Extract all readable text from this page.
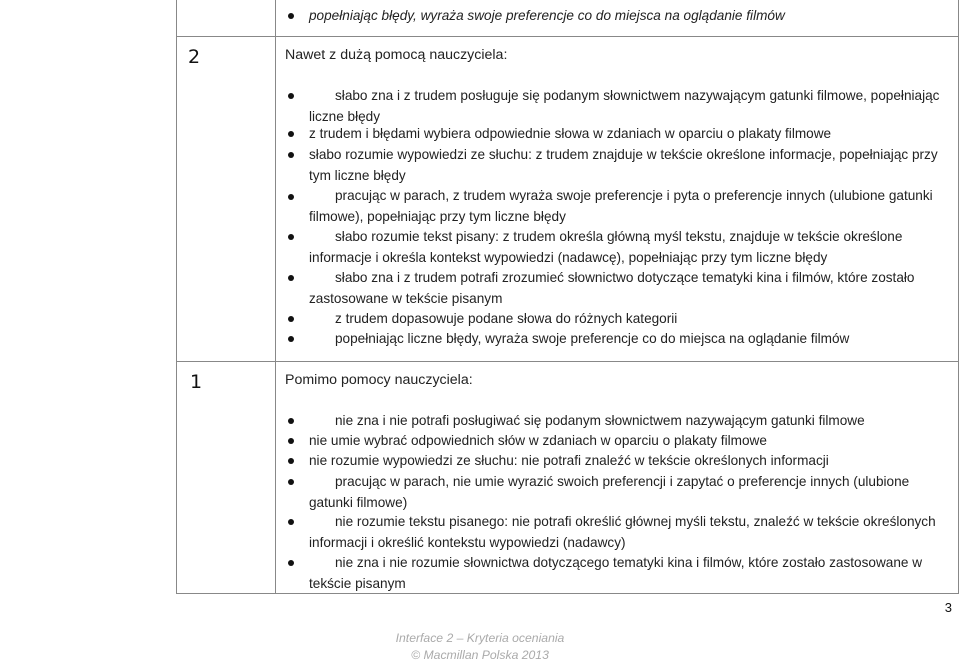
popełniając błędy, wyraża swoje preferencje co do miejsca na oglądanie filmów
2	Nawet z dużą pomocą nauczyciela:
słabo zna i z trudem posługuje się podanym słownictwem nazywającym gatunki filmowe, popełniając liczne błędy
z trudem i błędami wybiera odpowiednie słowa w zdaniach w oparciu o plakaty filmowe
słabo rozumie wypowiedzi ze słuchu: z trudem znajduje w tekście określone informacje, popełniając przy tym liczne błędy
pracując w parach, z trudem wyraża swoje preferencje i pyta o preferencje innych (ulubione gatunki filmowe), popełniając przy tym liczne błędy
słabo rozumie tekst pisany: z trudem określa główną myśl tekstu, znajduje w tekście określone informacje i określa kontekst wypowiedzi (nadawcę), popełniając przy tym liczne błędy
słabo zna i z trudem potrafi zrozumieć słownictwo dotyczące tematyki kina i filmów, które zostało zastosowane w tekście pisanym
z trudem dopasowuje podane słowa do różnych kategorii
popełniając liczne błędy, wyraża swoje preferencje co do miejsca na oglądanie filmów
1	Pomimo pomocy nauczyciela:
nie zna i nie potrafi posługiwać się podanym słownictwem nazywającym gatunki filmowe
nie umie wybrać odpowiednich słów w zdaniach w oparciu o plakaty filmowe
nie rozumie wypowiedzi ze słuchu: nie potrafi znaleźć w tekście określonych informacji
pracując w parach, nie umie wyrazić swoich preferencji i zapytać o preferencje innych (ulubione gatunki filmowe)
nie rozumie tekstu pisanego: nie potrafi określić głównej myśli tekstu, znaleźć w tekście określonych informacji i określić kontekstu wypowiedzi (nadawcy)
nie zna i nie rozumie słownictwa dotyczącego tematyki kina i filmów, które zostało zastosowane w tekście pisanym
3
Interface 2 – Kryteria oceniania
© Macmillan Polska 2013
